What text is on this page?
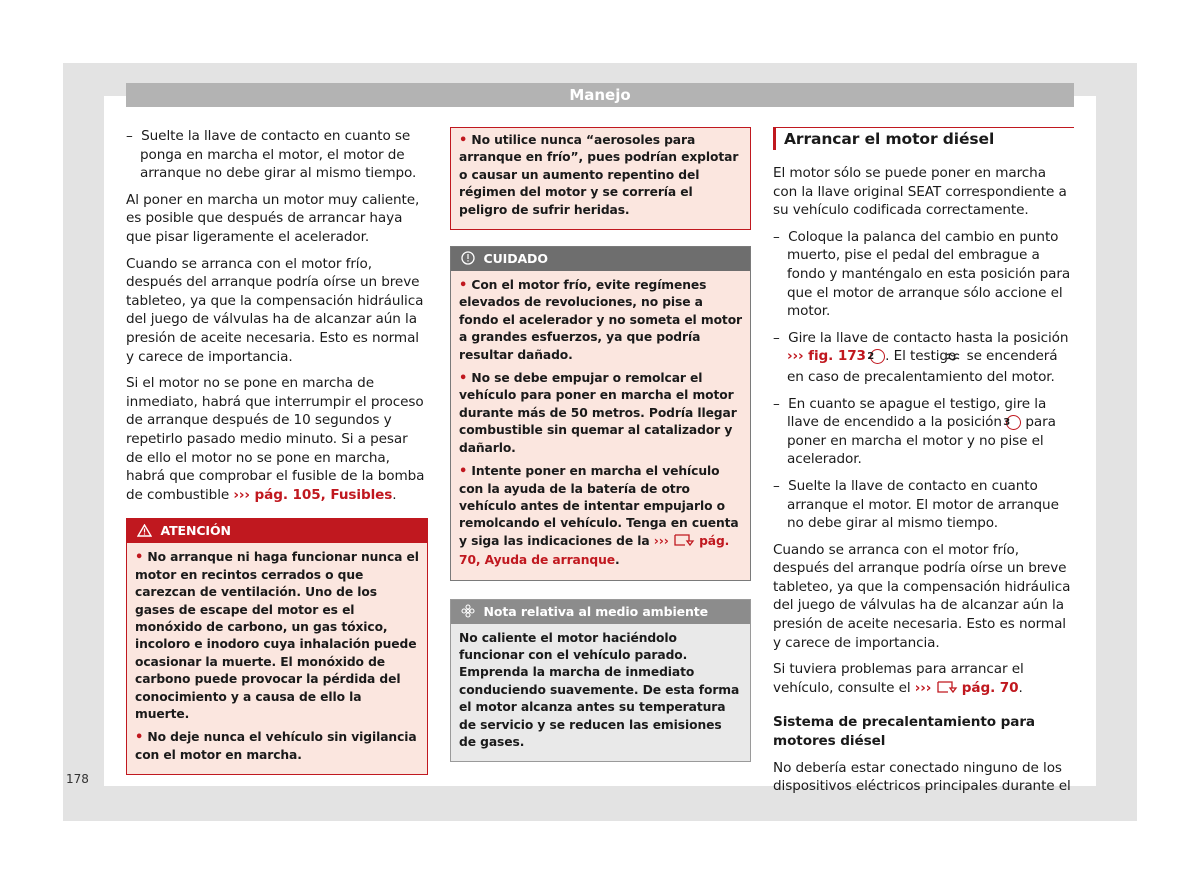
Manejo

–  Suelte la llave de contacto en cuanto se ponga en marcha el motor, el motor de arranque no debe girar al mismo tiempo.

Al poner en marcha un motor muy caliente, es posible que después de arrancar haya que pisar ligeramente el acelerador.

Cuando se arranca con el motor frío, después del arranque podría oírse un breve tableteo, ya que la compensación hidráulica del juego de válvulas ha de alcanzar aún la presión de aceite necesaria. Esto es normal y carece de importancia.

Si el motor no se pone en marcha de inmediato, habrá que interrumpir el proceso de arranque después de 10 segundos y repetirlo pasado medio minuto. Si a pesar de ello el motor no se pone en marcha, habrá que comprobar el fusible de la bomba de combustible ››› pág. 105, Fusibles.

ATENCIÓN

• No arranque ni haga funcionar nunca el motor en recintos cerrados o que carezcan de ventilación. Uno de los gases de escape del motor es el monóxido de carbono, un gas tóxico, incoloro e inodoro cuya inhalación puede ocasionar la muerte. El monóxido de carbono puede provocar la pérdida del conocimiento y a causa de ello la muerte.

• No deje nunca el vehículo sin vigilancia con el motor en marcha.

• No utilice nunca “aerosoles para arranque en frío”, pues podrían explotar o causar un aumento repentino del régimen del motor y se correría el peligro de sufrir heridas.

CUIDADO

• Con el motor frío, evite regímenes elevados de revoluciones, no pise a fondo el acelerador y no someta el motor a grandes esfuerzos, ya que podría resultar dañado.

• No se debe empujar o remolcar el vehículo para poner en marcha el motor durante más de 50 metros. Podría llegar combustible sin quemar al catalizador y dañarlo.

• Intente poner en marcha el vehículo con la ayuda de la batería de otro vehículo antes de intentar empujarlo o remolcando el vehículo. Tenga en cuenta y siga las indicaciones de la ››› pág. 70, Ayuda de arranque.

Nota relativa al medio ambiente

No caliente el motor haciéndolo funcionar con el vehículo parado. Emprenda la marcha de inmediato conduciendo suavemente. De esta forma el motor alcanza antes su temperatura de servicio y se reducen las emisiones de gases.

Arrancar el motor diésel

El motor sólo se puede poner en marcha con la llave original SEAT correspondiente a su vehículo codificada correctamente.

–  Coloque la palanca del cambio en punto muerto, pise el pedal del embrague a fondo y manténgalo en esta posición para que el motor de arranque sólo accione el motor.

–  Gire la llave de contacto hasta la posición ››› fig. 173 2 . El testigo se encenderá en caso de precalentamiento del motor.

–  En cuanto se apague el testigo, gire la llave de encendido a la posición 3 para poner en marcha el motor y no pise el acelerador.

–  Suelte la llave de contacto en cuanto arranque el motor. El motor de arranque no debe girar al mismo tiempo.

Cuando se arranca con el motor frío, después del arranque podría oírse un breve tableteo, ya que la compensación hidráulica del juego de válvulas ha de alcanzar aún la presión de aceite necesaria. Esto es normal y carece de importancia.

Si tuviera problemas para arrancar el vehículo, consulte el ››› pág. 70.

Sistema de precalentamiento para motores diésel

No debería estar conectado ninguno de los dispositivos eléctricos principales durante el

178
